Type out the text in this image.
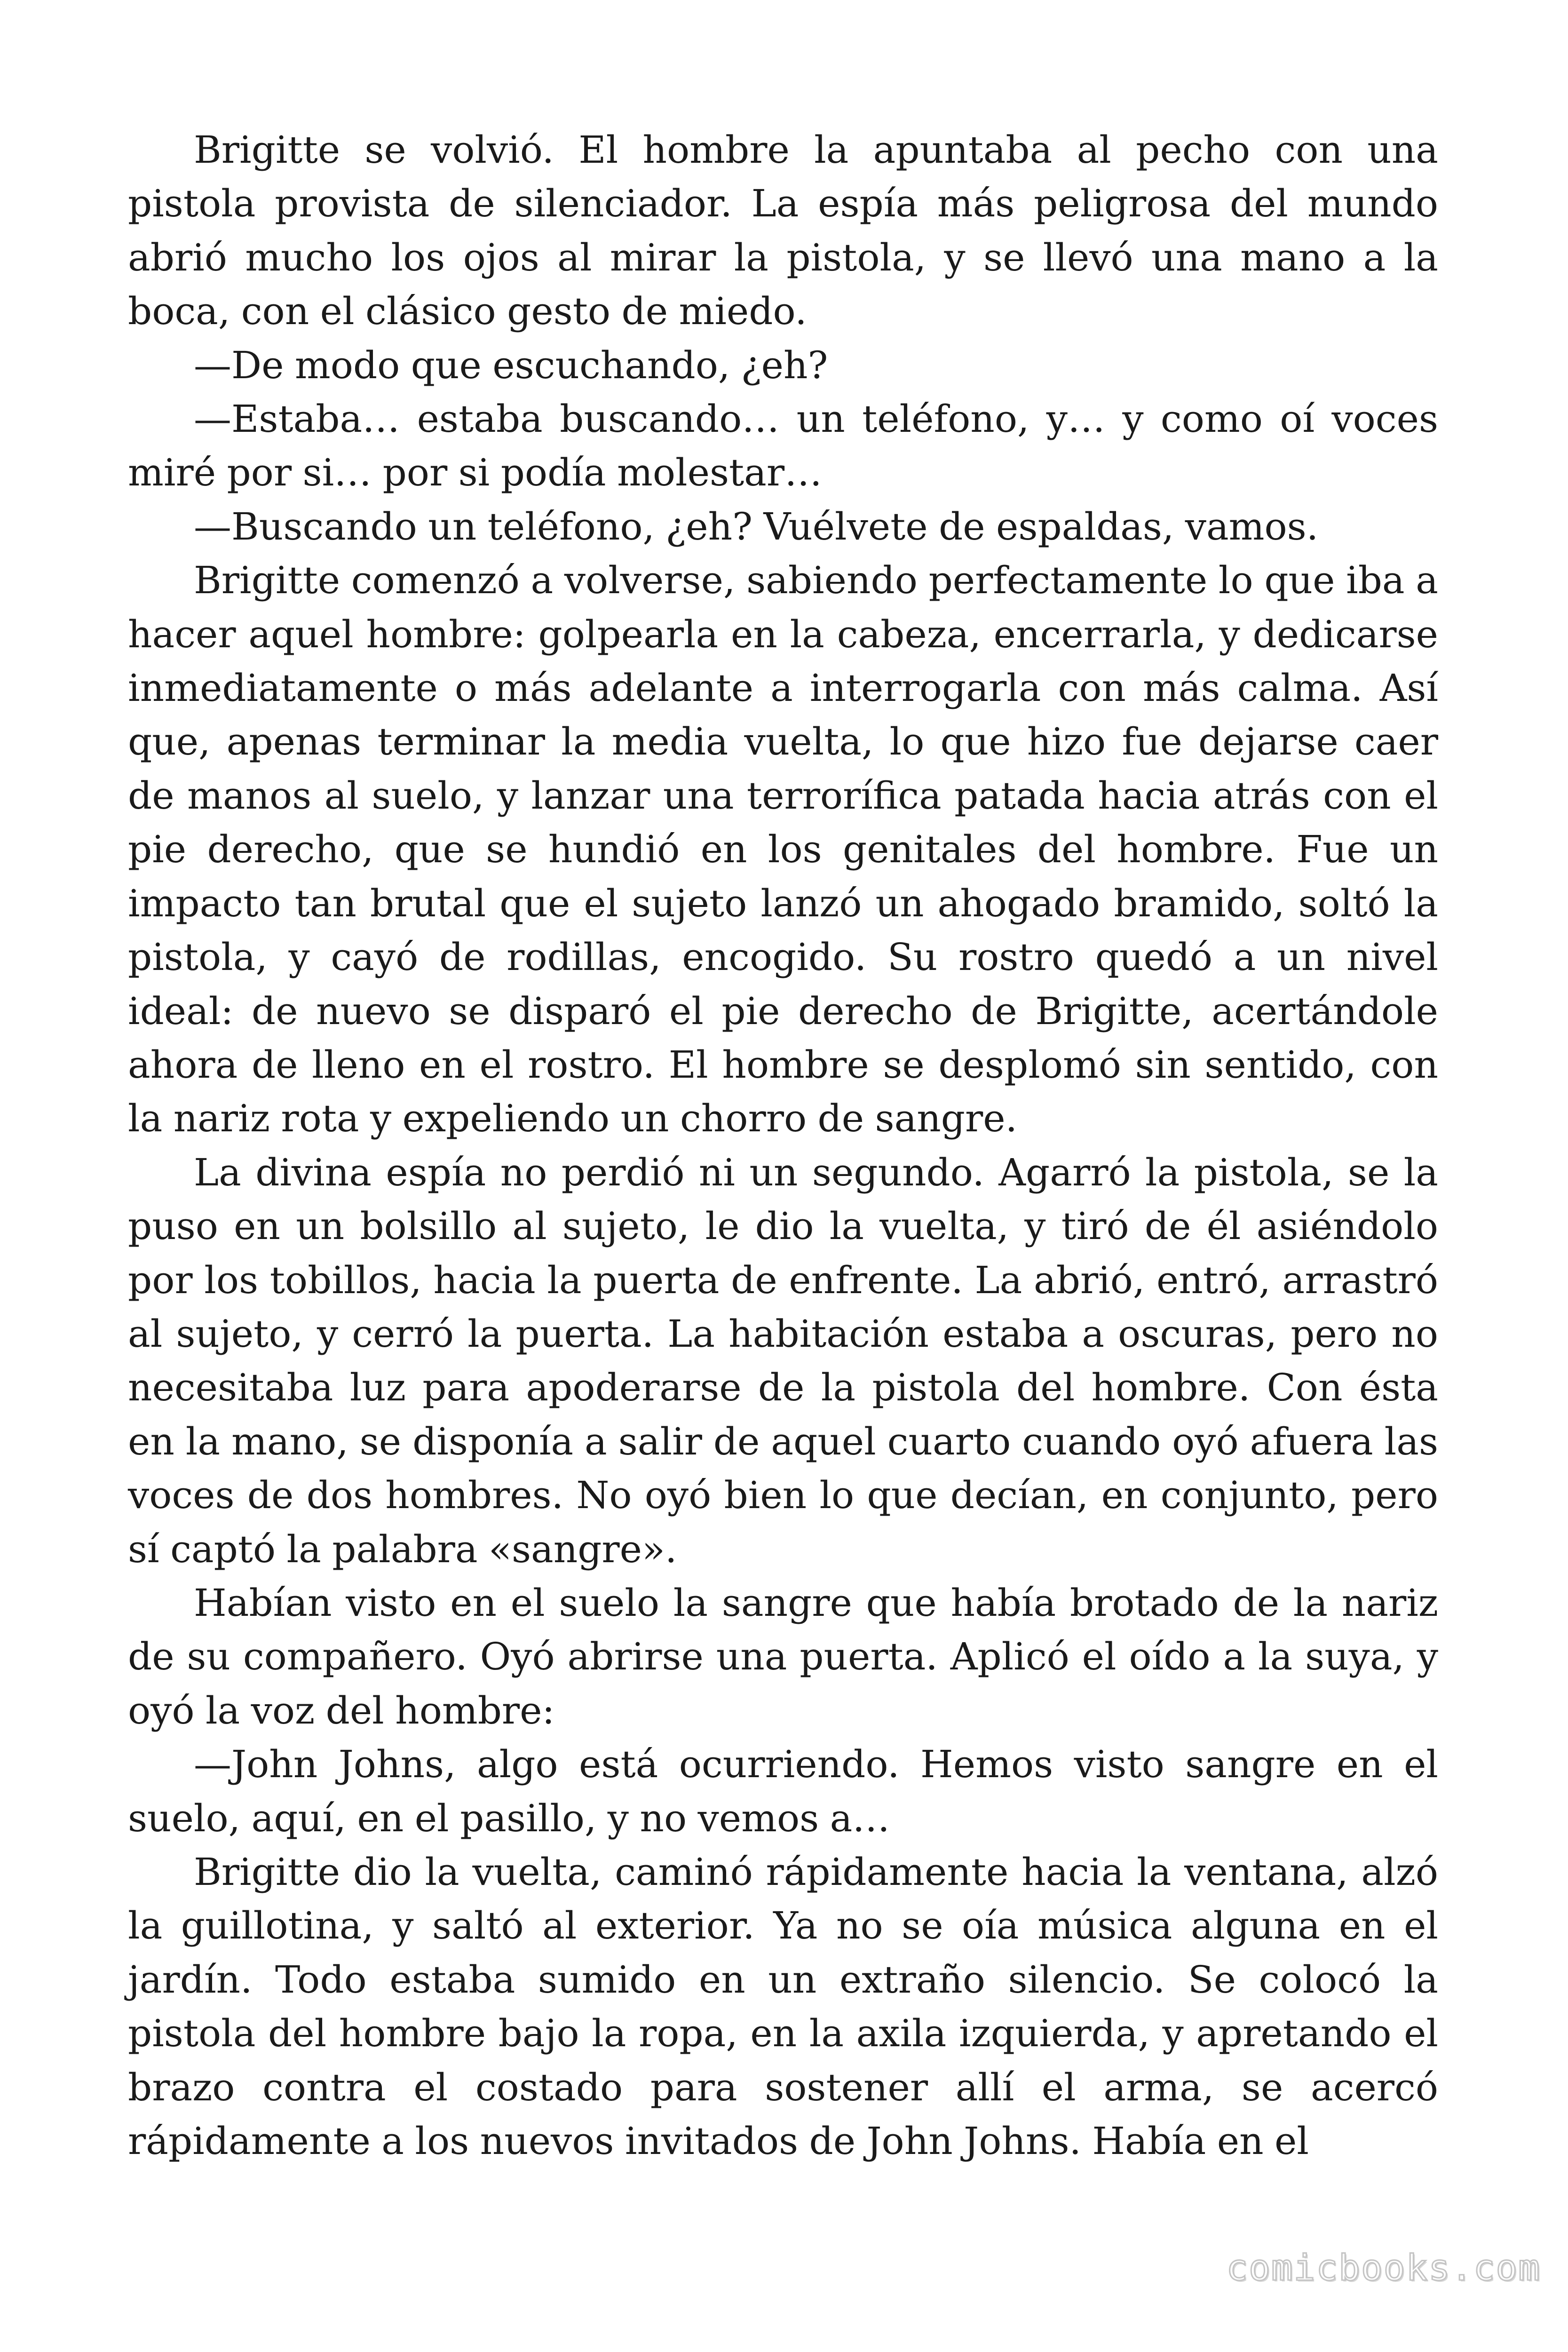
Brigitte se volvió. El hombre la apuntaba al pecho con una pistola provista de silenciador. La espía más peligrosa del mundo abrió mucho los ojos al mirar la pistola, y se llevó una mano a la boca, con el clásico gesto de miedo.

—De modo que escuchando, ¿eh?

—Estaba… estaba buscando… un teléfono, y… y como oí voces miré por si… por si podía molestar…

—Buscando un teléfono, ¿eh? Vuélvete de espaldas, vamos.

Brigitte comenzó a volverse, sabiendo perfectamente lo que iba a hacer aquel hombre: golpearla en la cabeza, encerrarla, y dedicarse inmediatamente o más adelante a interrogarla con más calma. Así que, apenas terminar la media vuelta, lo que hizo fue dejarse caer de manos al suelo, y lanzar una terrorífica patada hacia atrás con el pie derecho, que se hundió en los genitales del hombre. Fue un impacto tan brutal que el sujeto lanzó un ahogado bramido, soltó la pistola, y cayó de rodillas, encogido. Su rostro quedó a un nivel ideal: de nuevo se disparó el pie derecho de Brigitte, acertándole ahora de lleno en el rostro. El hombre se desplomó sin sentido, con la nariz rota y expeliendo un chorro de sangre.

La divina espía no perdió ni un segundo. Agarró la pistola, se la puso en un bolsillo al sujeto, le dio la vuelta, y tiró de él asiéndolo por los tobillos, hacia la puerta de enfrente. La abrió, entró, arrastró al sujeto, y cerró la puerta. La habitación estaba a oscuras, pero no necesitaba luz para apoderarse de la pistola del hombre. Con ésta en la mano, se disponía a salir de aquel cuarto cuando oyó afuera las voces de dos hombres. No oyó bien lo que decían, en conjunto, pero sí captó la palabra «sangre».

Habían visto en el suelo la sangre que había brotado de la nariz de su compañero. Oyó abrirse una puerta. Aplicó el oído a la suya, y oyó la voz del hombre:

—John Johns, algo está ocurriendo. Hemos visto sangre en el suelo, aquí, en el pasillo, y no vemos a…

Brigitte dio la vuelta, caminó rápidamente hacia la ventana, alzó la guillotina, y saltó al exterior. Ya no se oía música alguna en el jardín. Todo estaba sumido en un extraño silencio. Se colocó la pistola del hombre bajo la ropa, en la axila izquierda, y apretando el brazo contra el costado para sostener allí el arma, se acercó rápidamente a los nuevos invitados de John Johns. Había en el

comicbooks.com
